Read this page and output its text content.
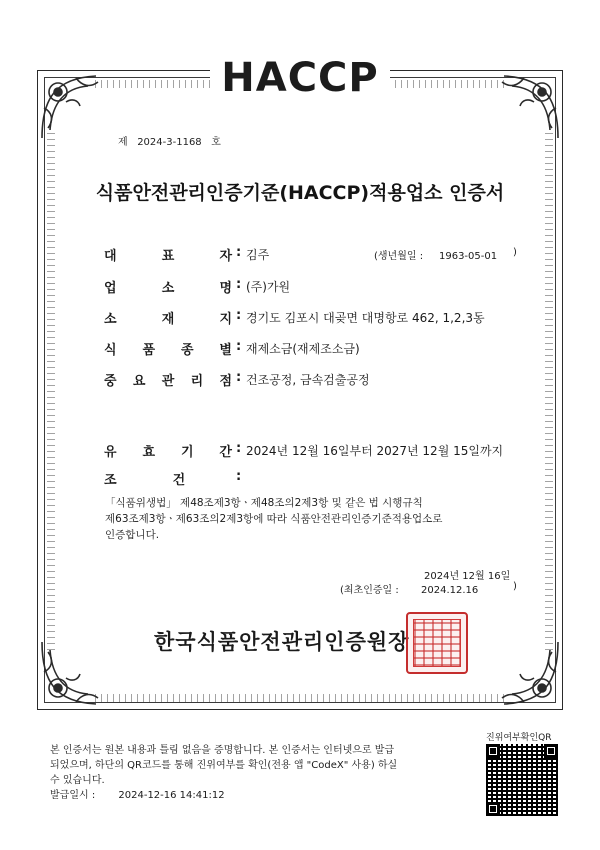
HACCP
제   2024-3-1168   호
식품안전관리인증기준(HACCP)적용업소 인증서
대	표	자 : 김주	(생년월일 :     1963-05-01 )
업	소	명 : (주)가원
소	재	지 : 경기도 김포시 대곶면 대명항로 462, 1,2,3동
식 품 종 별 : 재제소금(재제조소금)
중 요 관 리 점 : 건조공정, 금속검출공정
유 효 기 간 : 2024년 12월 16일부터 2027년 12월 15일까지
조	건	:
「식품위생법」 제48조제3항ㆍ제48조의2제3항 및 같은 법 시행규칙
제63조제3항ㆍ제63조의2제3항에 따라 식품안전관리인증기준적용업소로
인증합니다.
2024년 12월 16일
(최초인증일 :       2024.12.16	)
한국식품안전관리인증원장
본 인증서는 원본 내용과 틀림 없음을 증명합니다. 본 인증서는 인터넷으로 발급
되었으며, 하단의 QR코드를 통해 진위여부를 확인(전용 앱 "CodeX" 사용) 하실
수 있습니다.
발급일시 : 2024-12-16 14:41:12
진위여부확인QR
